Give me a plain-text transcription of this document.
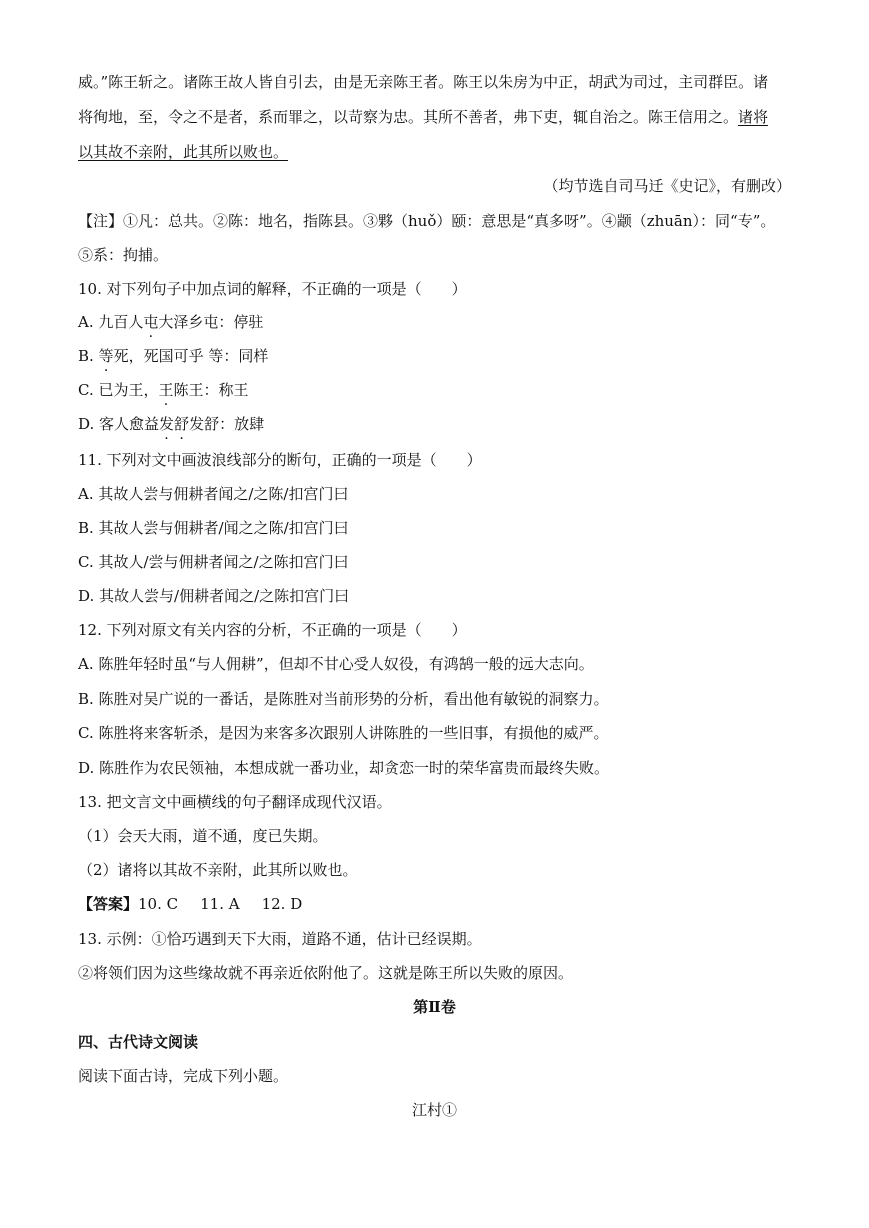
威。”陈王斩之。诸陈王故人皆自引去，由是无亲陈王者。陈王以朱房为中正，胡武为司过，主司群臣。诸
将徇地，至，令之不是者，系而罪之，以苛察为忠。其所不善者，弗下吏，辄自治之。陈王信用之。诸将
以其故不亲附，此其所以败也。
（均节选自司马迁《史记》，有删改）
【注】①凡：总共。②陈：地名，指陈县。③夥（huǒ）颐：意思是“真多呀”。④颛（zhuān）：同“专”。
⑤系：拘捕。
10. 对下列句子中加点词的解释，不正确的一项是（　　）
A. 九百人屯大泽乡屯：停驻
B. 等死，死国可乎 等：同样
C. 已为王，王陈王：称王
D. 客人愈益发舒发舒：放肆
11. 下列对文中画波浪线部分的断句，正确的一项是（　　）
A. 其故人尝与佣耕者闻之/之陈/扣宫门曰
B. 其故人尝与佣耕者/闻之之陈/扣宫门曰
C. 其故人/尝与佣耕者闻之/之陈扣宫门曰
D. 其故人尝与/佣耕者闻之/之陈扣宫门曰
12. 下列对原文有关内容的分析，不正确的一项是（　　）
A. 陈胜年轻时虽“与人佣耕”，但却不甘心受人奴役，有鸿鹄一般的远大志向。
B. 陈胜对吴广说的一番话，是陈胜对当前形势的分析，看出他有敏锐的洞察力。
C. 陈胜将来客斩杀，是因为来客多次跟别人讲陈胜的一些旧事，有损他的威严。
D. 陈胜作为农民领袖，本想成就一番功业，却贪恋一时的荣华富贵而最终失败。
13. 把文言文中画横线的句子翻译成现代汉语。
（1）会天大雨，道不通，度已失期。
（2）诸将以其故不亲附，此其所以败也。
【答案】10. C 11. A 12. D
13. 示例：①恰巧遇到天下大雨，道路不通，估计已经误期。
②将领们因为这些缘故就不再亲近依附他了。这就是陈王所以失败的原因。
第Ⅱ卷
四、古代诗文阅读
阅读下面古诗，完成下列小题。
江村①
